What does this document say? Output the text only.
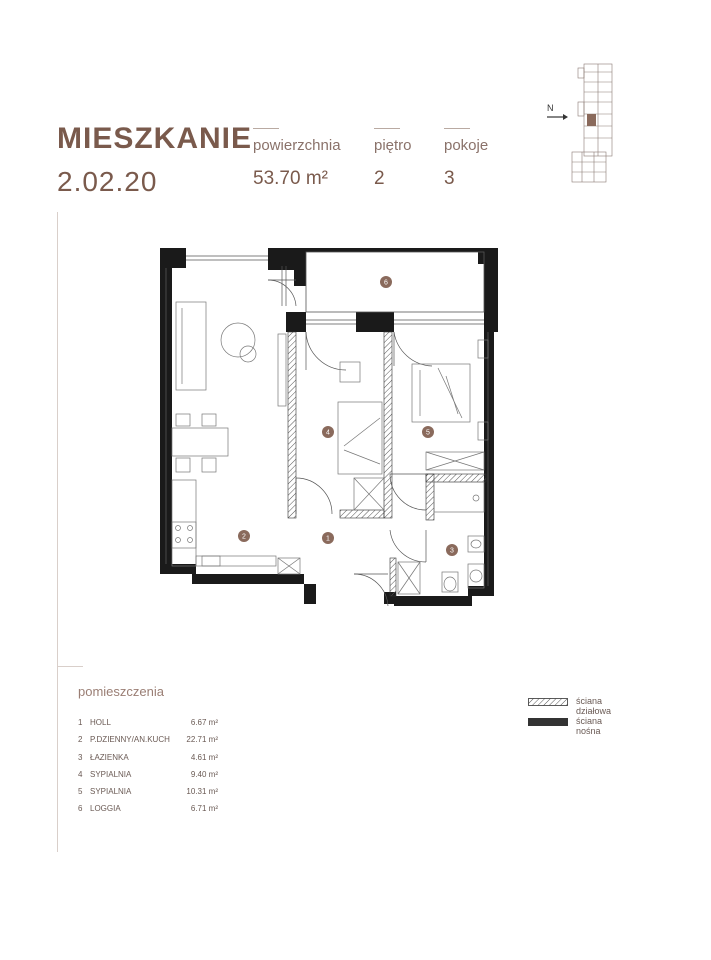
MIESZKANIE
2.02.20
powierzchnia
53.70 m²
piętro
2
pokoje
3
N
1
2
3
4	5
6
pomieszczenia
1 HOLL	6.67 m²
2 P.DZIENNY/AN.KUCH 22.71 m²
3 ŁAZIENKA	4.61 m²
4 SYPIALNIA	9.40 m²
5 SYPIALNIA	10.31 m²
6 LOGGIA	6.71 m²
ściana działowa
ściana nośna
